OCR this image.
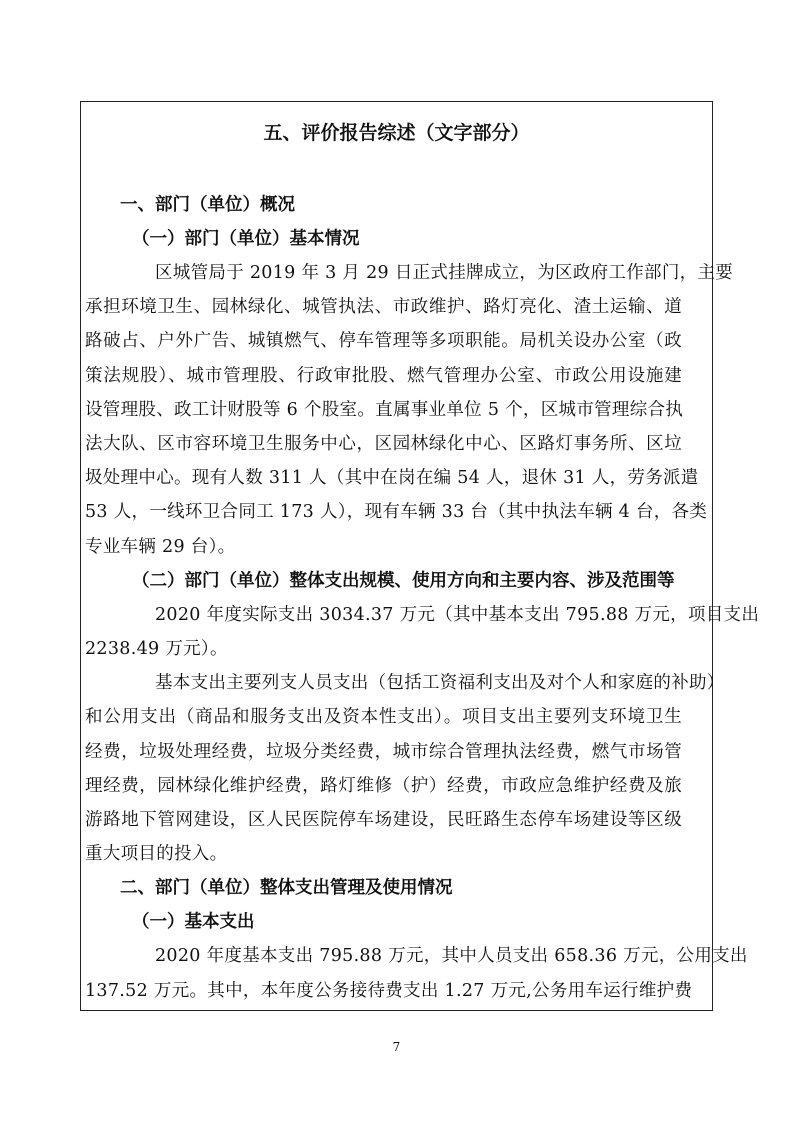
五、评价报告综述（文字部分）
一、部门（单位）概况
（一）部门（单位）基本情况
区城管局于 2019 年 3 月 29 日正式挂牌成立，为区政府工作部门，主要
承担环境卫生、园林绿化、城管执法、市政维护、路灯亮化、渣土运输、道
路破占、户外广告、城镇燃气、停车管理等多项职能。局机关设办公室（政
策法规股）、城市管理股、行政审批股、燃气管理办公室、市政公用设施建
设管理股、政工计财股等 6 个股室。直属事业单位 5 个，区城市管理综合执
法大队、区市容环境卫生服务中心，区园林绿化中心、区路灯事务所、区垃
圾处理中心。现有人数 311 人（其中在岗在编 54 人，退休 31 人，劳务派遣
53 人，一线环卫合同工 173 人），现有车辆 33 台（其中执法车辆 4 台，各类
专业车辆 29 台）。
（二）部门（单位）整体支出规模、使用方向和主要内容、涉及范围等
2020 年度实际支出 3034.37 万元（其中基本支出 795.88 万元，项目支出
2238.49 万元）。
基本支出主要列支人员支出（包括工资福利支出及对个人和家庭的补助）
和公用支出（商品和服务支出及资本性支出）。项目支出主要列支环境卫生
经费，垃圾处理经费，垃圾分类经费，城市综合管理执法经费，燃气市场管
理经费，园林绿化维护经费，路灯维修（护）经费，市政应急维护经费及旅
游路地下管网建设，区人民医院停车场建设，民旺路生态停车场建设等区级
重大项目的投入。
二、部门（单位）整体支出管理及使用情况
（一）基本支出
2020 年度基本支出 795.88 万元，其中人员支出 658.36 万元，公用支出
137.52 万元。其中，本年度公务接待费支出 1.27 万元,公务用车运行维护费
7
